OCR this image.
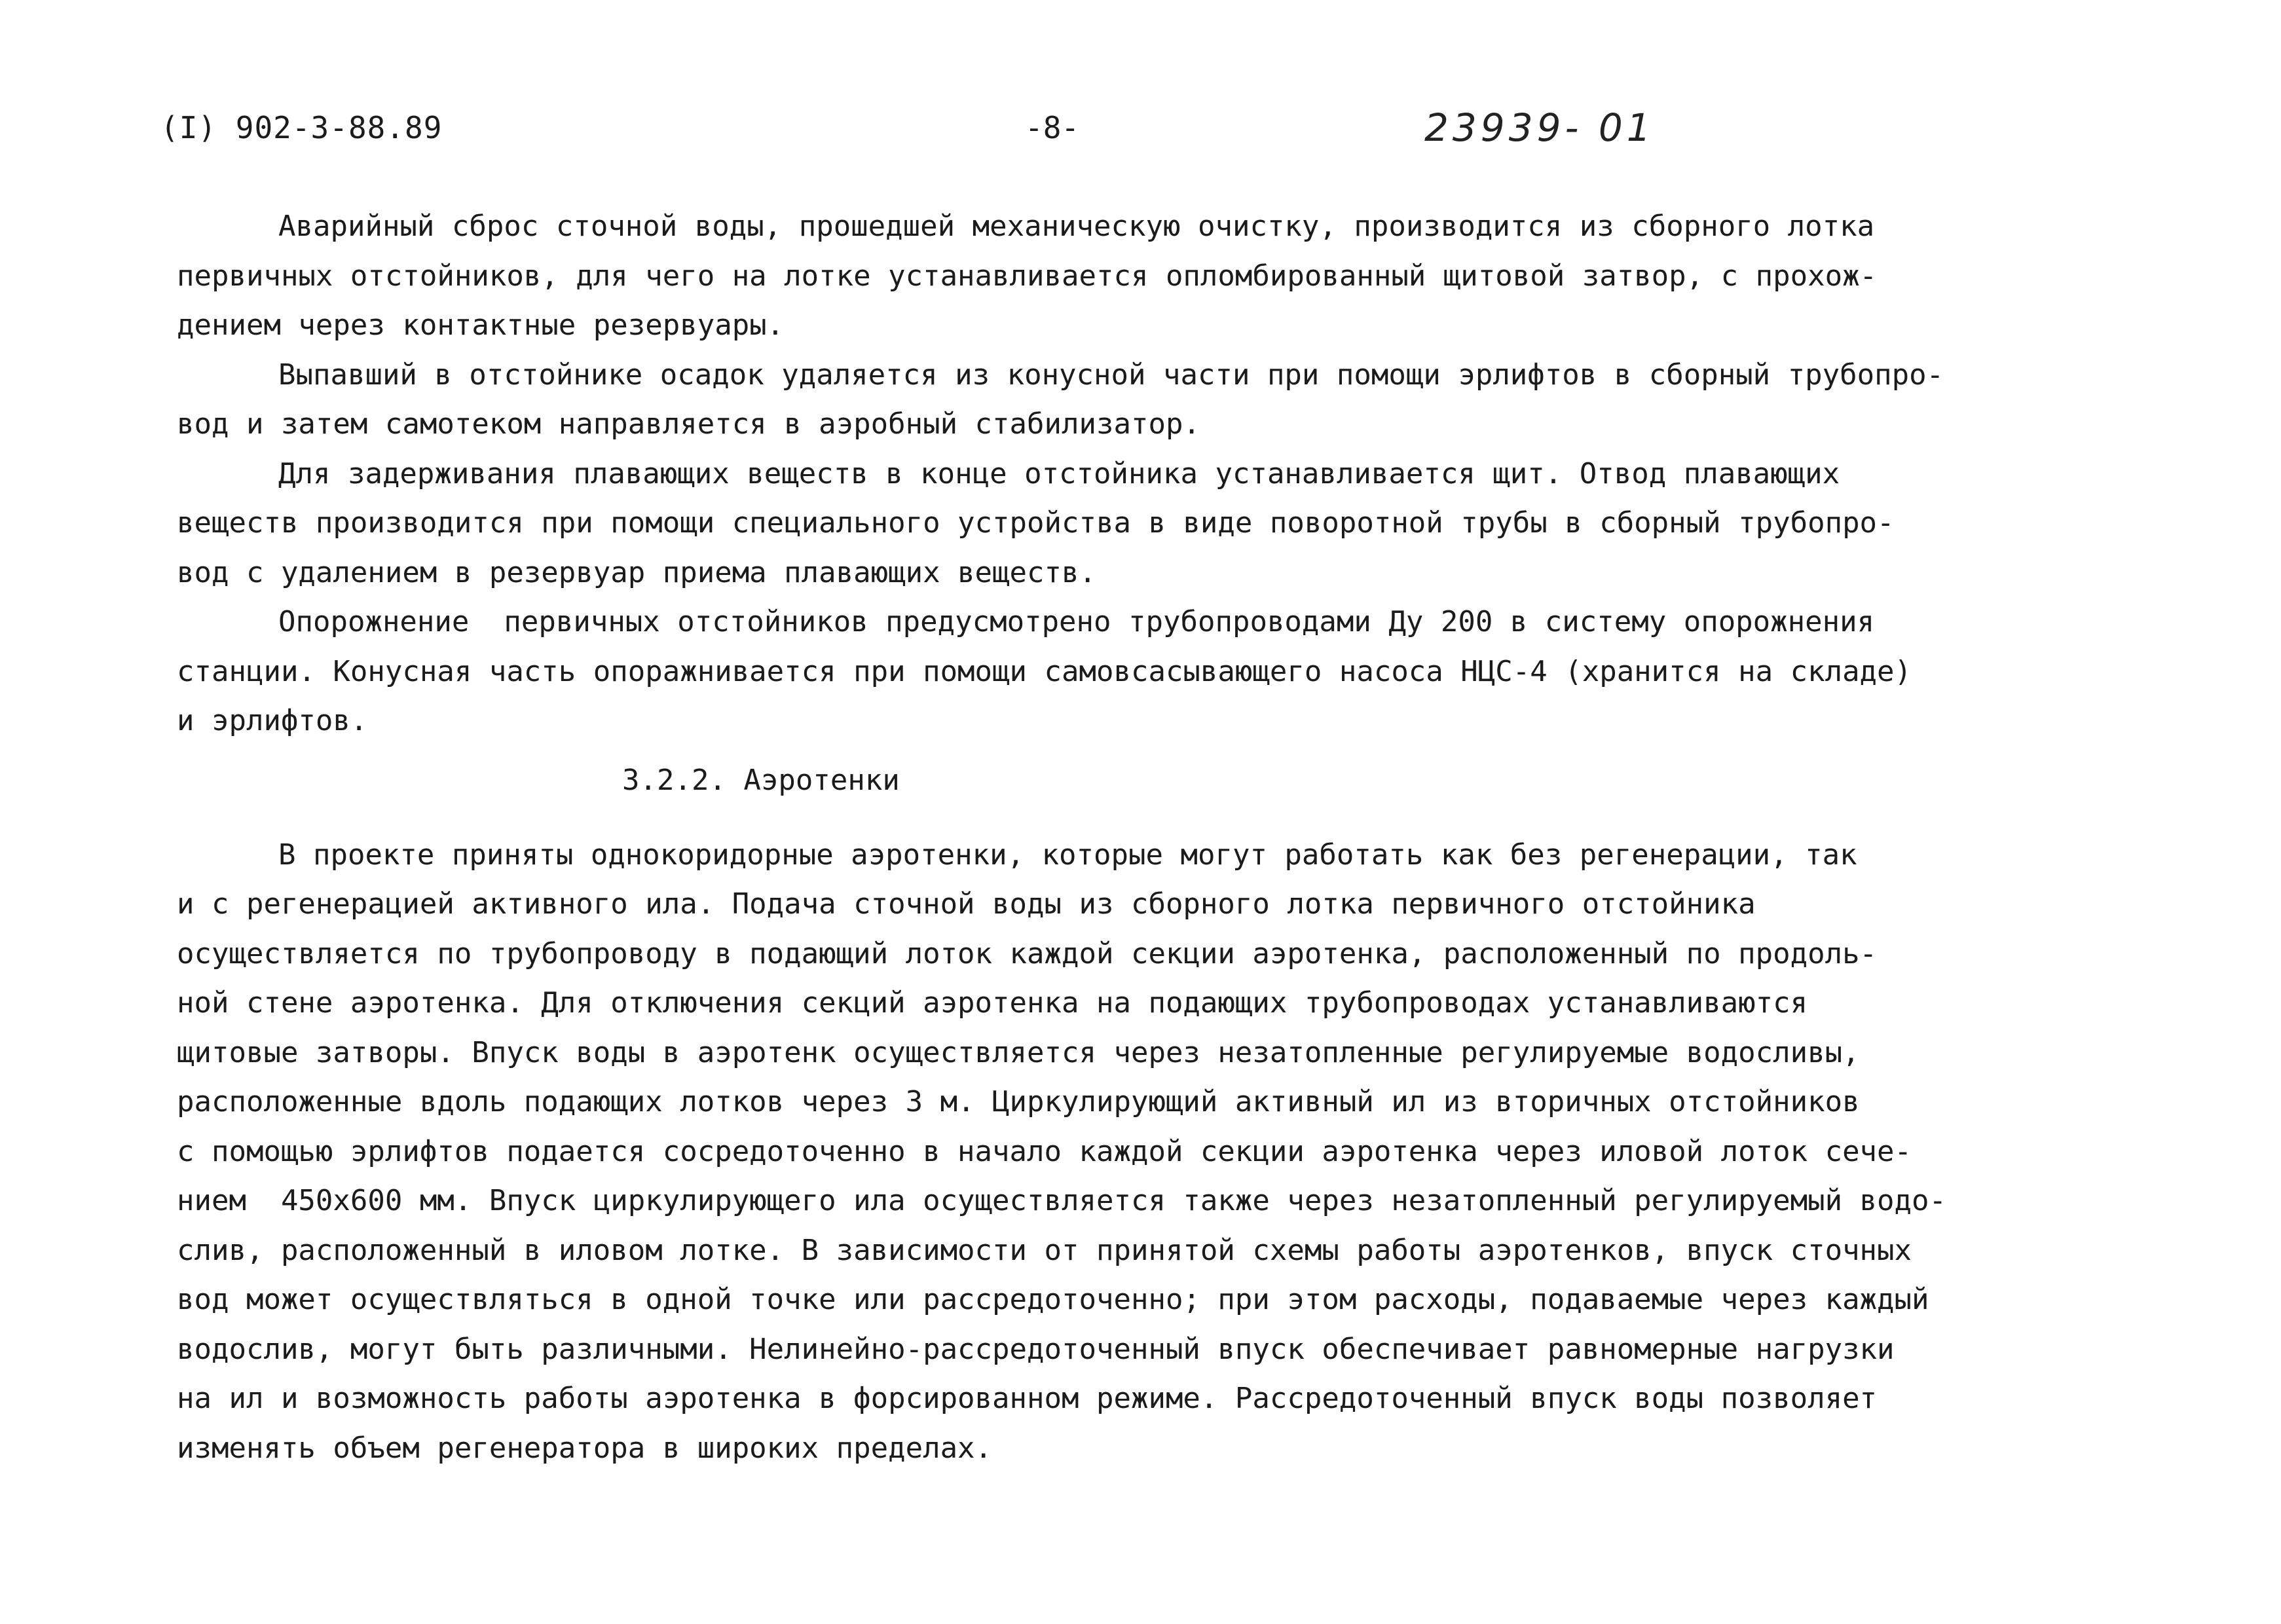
(I) 902-3-88.89	-8-	23939- 01
Аварийный сброс сточной воды, прошедшей механическую очистку, производится из сборного лотка
первичных отстойников, для чего на лотке устанавливается опломбированный щитовой затвор, с прохож-
дением через контактные резервуары.
Выпавший в отстойнике осадок удаляется из конусной части при помощи эрлифтов в сборный трубопро-
вод и затем самотеком направляется в аэробный стабилизатор.
Для задерживания плавающих веществ в конце отстойника устанавливается щит. Отвод плавающих
веществ производится при помощи специального устройства в виде поворотной трубы в сборный трубопро-
вод с удалением в резервуар приема плавающих веществ.
Опорожнение  первичных отстойников предусмотрено трубопроводами Ду 200 в систему опорожнения
станции. Конусная часть опоражнивается при помощи самовсасывающего насоса НЦС-4 (хранится на складе)
и эрлифтов.
3.2.2. Аэротенки
В проекте приняты однокоридорные аэротенки, которые могут работать как без регенерации, так
и с регенерацией активного ила. Подача сточной воды из сборного лотка первичного отстойника
осуществляется по трубопроводу в подающий лоток каждой секции аэротенка, расположенный по продоль-
ной стене аэротенка. Для отключения секций аэротенка на подающих трубопроводах устанавливаются
щитовые затворы. Впуск воды в аэротенк осуществляется через незатопленные регулируемые водосливы,
расположенные вдоль подающих лотков через 3 м. Циркулирующий активный ил из вторичных отстойников
с помощью эрлифтов подается сосредоточенно в начало каждой секции аэротенка через иловой лоток сече-
нием  450х600 мм. Впуск циркулирующего ила осуществляется также через незатопленный регулируемый водо-
слив, расположенный в иловом лотке. В зависимости от принятой схемы работы аэротенков, впуск сточных
вод может осуществляться в одной точке или рассредоточенно; при этом расходы, подаваемые через каждый
водослив, могут быть различными. Нелинейно-рассредоточенный впуск обеспечивает равномерные нагрузки
на ил и возможность работы аэротенка в форсированном режиме. Рассредоточенный впуск воды позволяет
изменять объем регенератора в широких пределах.
